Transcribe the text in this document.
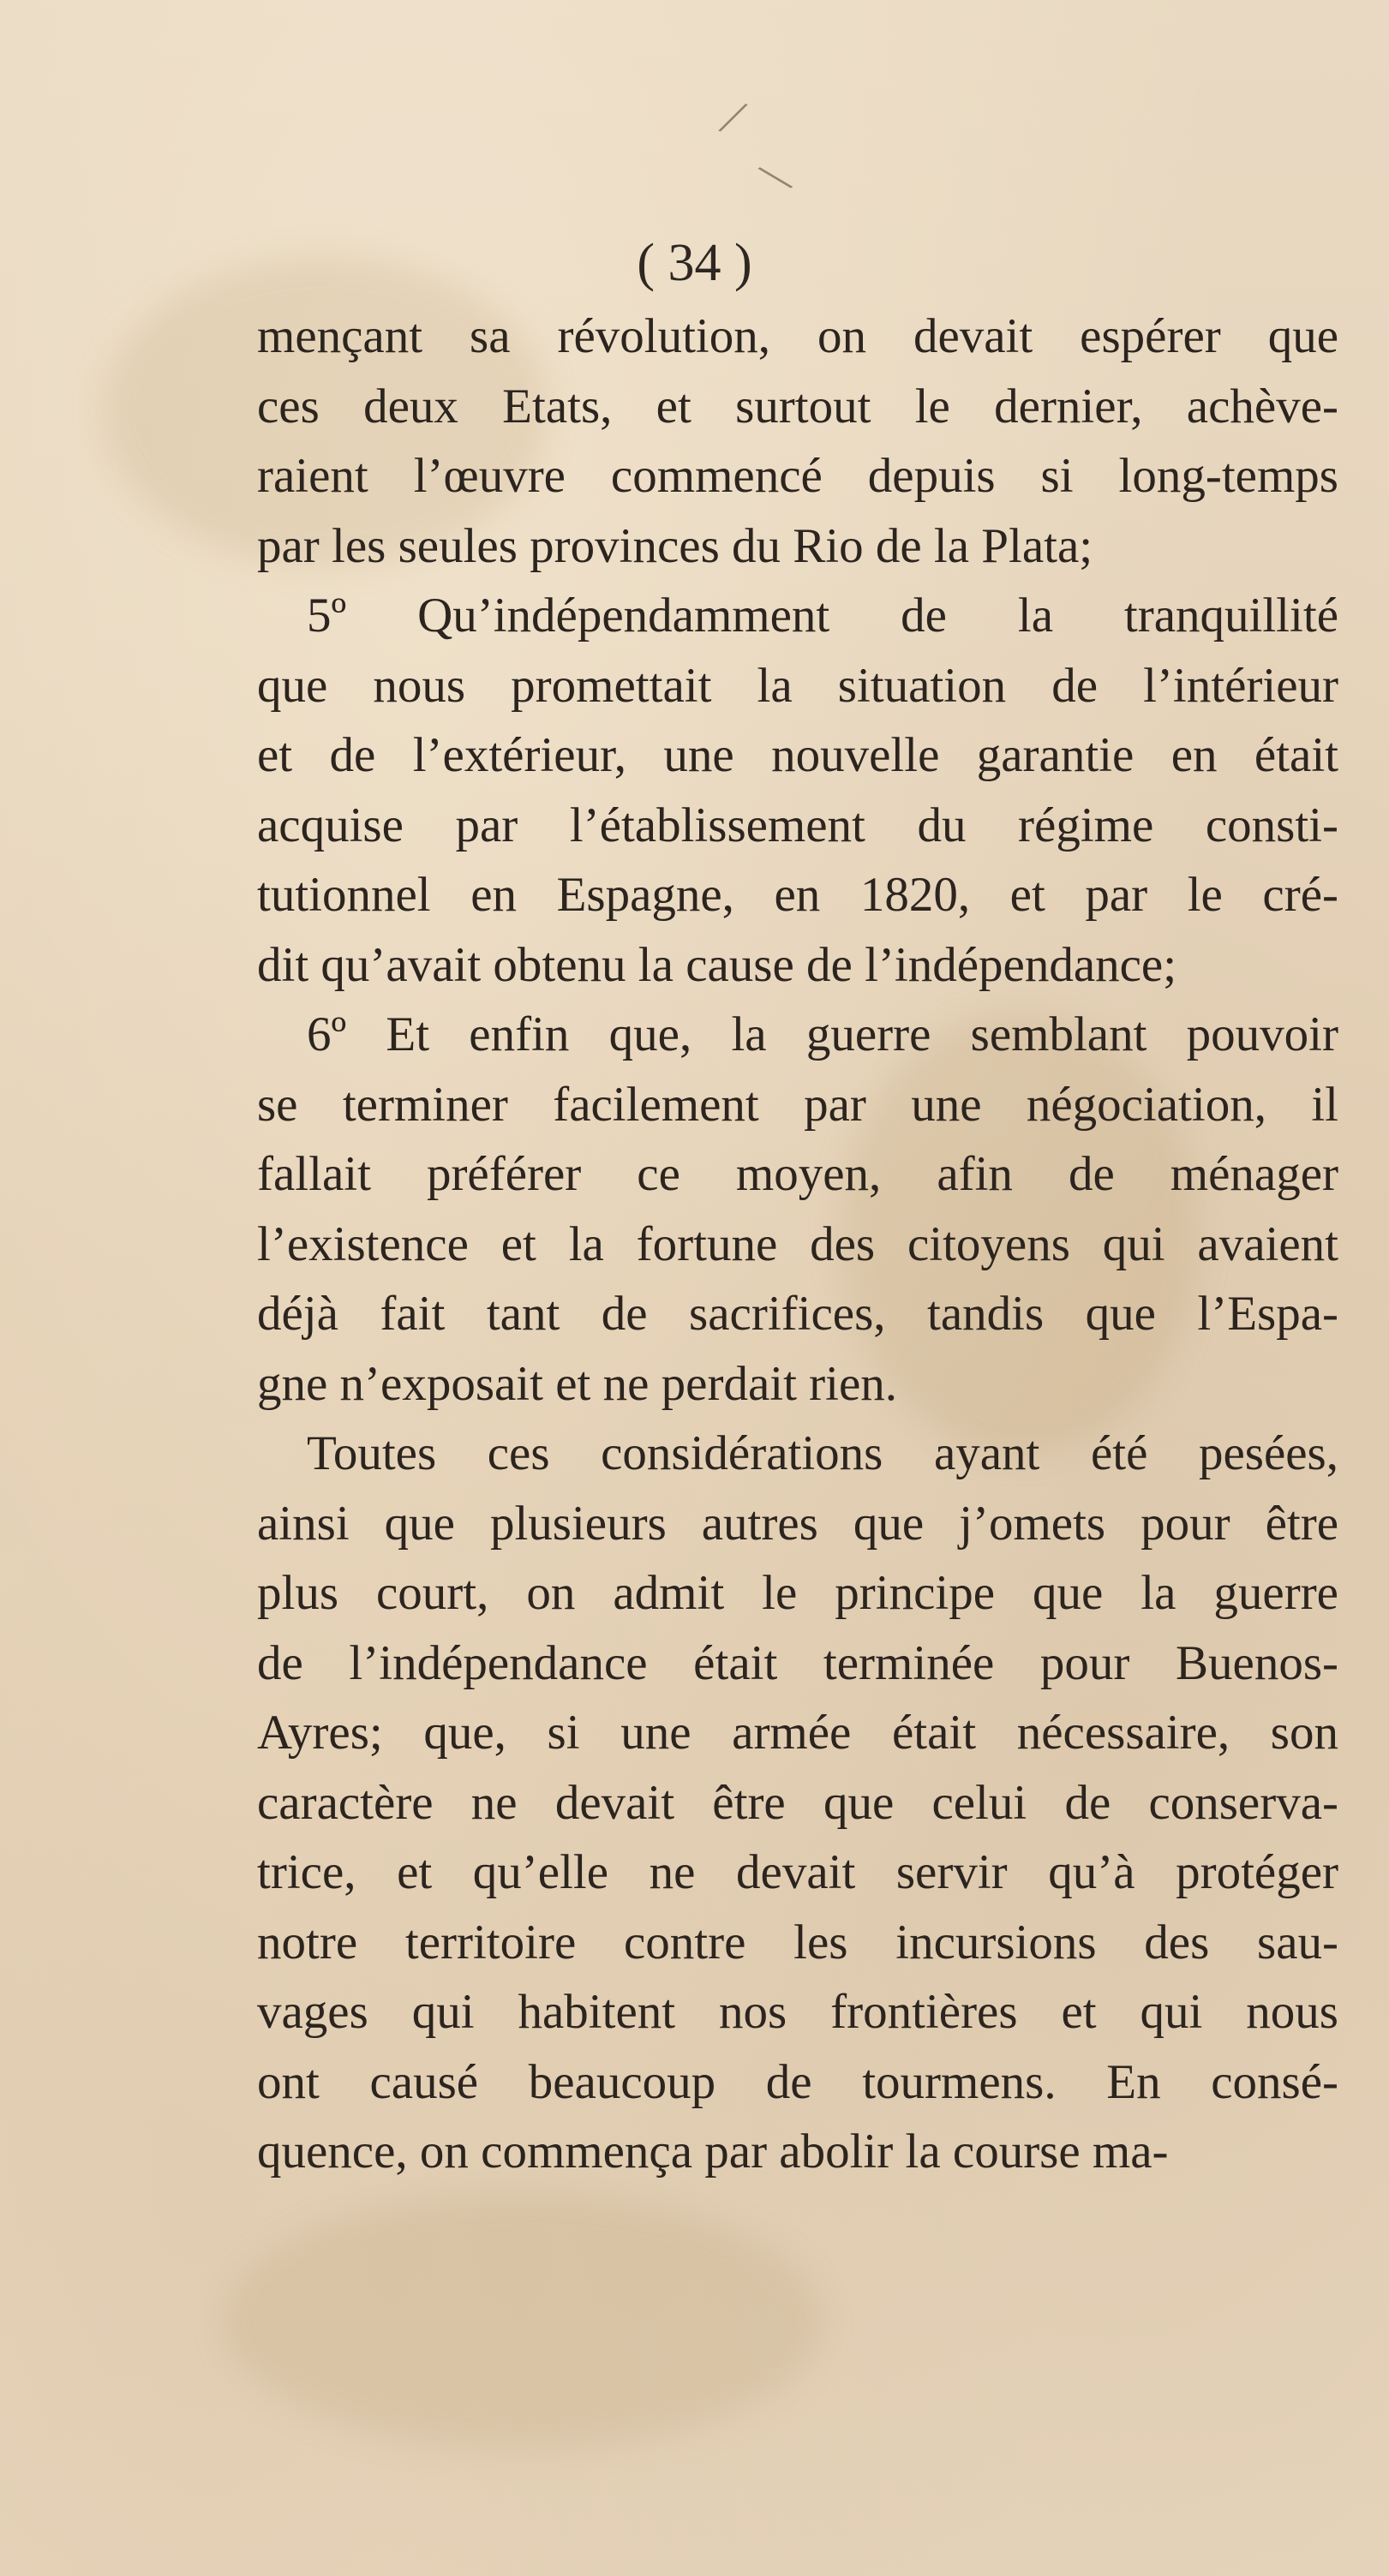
╱
╲
( 34 )
mençant sa révolution, on devait espérer que
ces deux Etats, et surtout le dernier, achève-
raient l’œuvre commencé depuis si long-temps
par les seules provinces du Rio de la Plata;
5º Qu’indépendamment de la tranquillité
que nous promettait la situation de l’intérieur
et de l’extérieur, une nouvelle garantie en était
acquise par l’établissement du régime consti-
tutionnel en Espagne, en 1820, et par le cré-
dit qu’avait obtenu la cause de l’indépendance;
6º Et enfin que, la guerre semblant pouvoir
se terminer facilement par une négociation, il
fallait préférer ce moyen, afin de ménager
l’existence et la fortune des citoyens qui avaient
déjà fait tant de sacrifices, tandis que l’Espa-
gne n’exposait et ne perdait rien.
Toutes ces considérations ayant été pesées,
ainsi que plusieurs autres que j’omets pour être
plus court, on admit le principe que la guerre
de l’indépendance était terminée pour Buenos-
Ayres; que, si une armée était nécessaire, son
caractère ne devait être que celui de conserva-
trice, et qu’elle ne devait servir qu’à protéger
notre territoire contre les incursions des sau-
vages qui habitent nos frontières et qui nous
ont causé beaucoup de tourmens. En consé-
quence, on commença par abolir la course ma-
